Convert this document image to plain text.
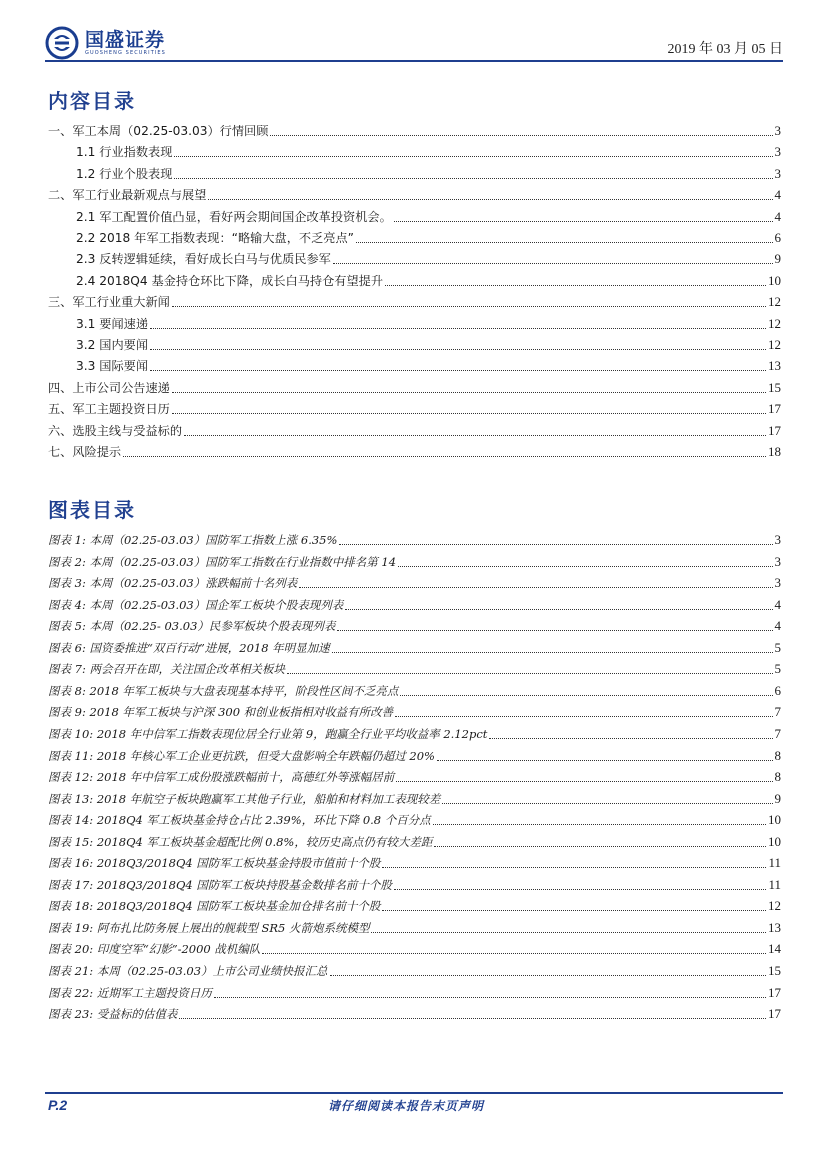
国盛证券
GUOSHENG SECURITIES	2019 年 03 月 05 日
内容目录
一、军工本周（02.25-03.03）行情回顾	3
1.1 行业指数表现	3
1.2 行业个股表现	3
二、军工行业最新观点与展望	4
2.1 军工配置价值凸显，看好两会期间国企改革投资机会。	4
2.2 2018 年军工指数表现：“略输大盘，不乏亮点”	6
2.3 反转逻辑延续，看好成长白马与优质民参军	9
2.4 2018Q4 基金持仓环比下降，成长白马持仓有望提升	10
三、军工行业重大新闻	12
3.1 要闻速递	12
3.2 国内要闻	12
3.3 国际要闻	13
四、上市公司公告速递	15
五、军工主题投资日历	17
六、选股主线与受益标的	17
七、风险提示	18
图表目录
图表 1: 本周（02.25-03.03）国防军工指数上涨 6.35%	3
图表 2: 本周（02.25-03.03）国防军工指数在行业指数中排名第 14	3
图表 3: 本周（02.25-03.03）涨跌幅前十名列表	3
图表 4: 本周（02.25-03.03）国企军工板块个股表现列表	4
图表 5: 本周（02.25- 03.03）民参军板块个股表现列表	4
图表 6: 国资委推进“双百行动”进展，2018 年明显加速	5
图表 7: 两会召开在即，关注国企改革相关板块	5
图表 8: 2018 年军工板块与大盘表现基本持平，阶段性区间不乏亮点	6
图表 9: 2018 年军工板块与沪深 300 和创业板指相对收益有所改善	7
图表 10: 2018 年中信军工指数表现位居全行业第 9，跑赢全行业平均收益率 2.12pct	7
图表 11: 2018 年核心军工企业更抗跌，但受大盘影响全年跌幅仍超过 20%	8
图表 12: 2018 年中信军工成份股涨跌幅前十，高德红外等涨幅居前	8
图表 13: 2018 年航空子板块跑赢军工其他子行业，船舶和材料加工表现较差	9
图表 14: 2018Q4 军工板块基金持仓占比 2.39%，环比下降 0.8 个百分点	10
图表 15: 2018Q4 军工板块基金超配比例 0.8%，较历史高点仍有较大差距	10
图表 16: 2018Q3/2018Q4 国防军工板块基金持股市值前十个股	11
图表 17: 2018Q3/2018Q4 国防军工板块持股基金数排名前十个股	11
图表 18: 2018Q3/2018Q4 国防军工板块基金加仓排名前十个股	12
图表 19: 阿布扎比防务展上展出的舰载型 SR5 火箭炮系统模型	13
图表 20: 印度空军“幻影”-2000 战机编队	14
图表 21: 本周（02.25-03.03）上市公司业绩快报汇总	15
图表 22: 近期军工主题投资日历	17
图表 23: 受益标的估值表	17
P.2	请仔细阅读本报告末页声明
